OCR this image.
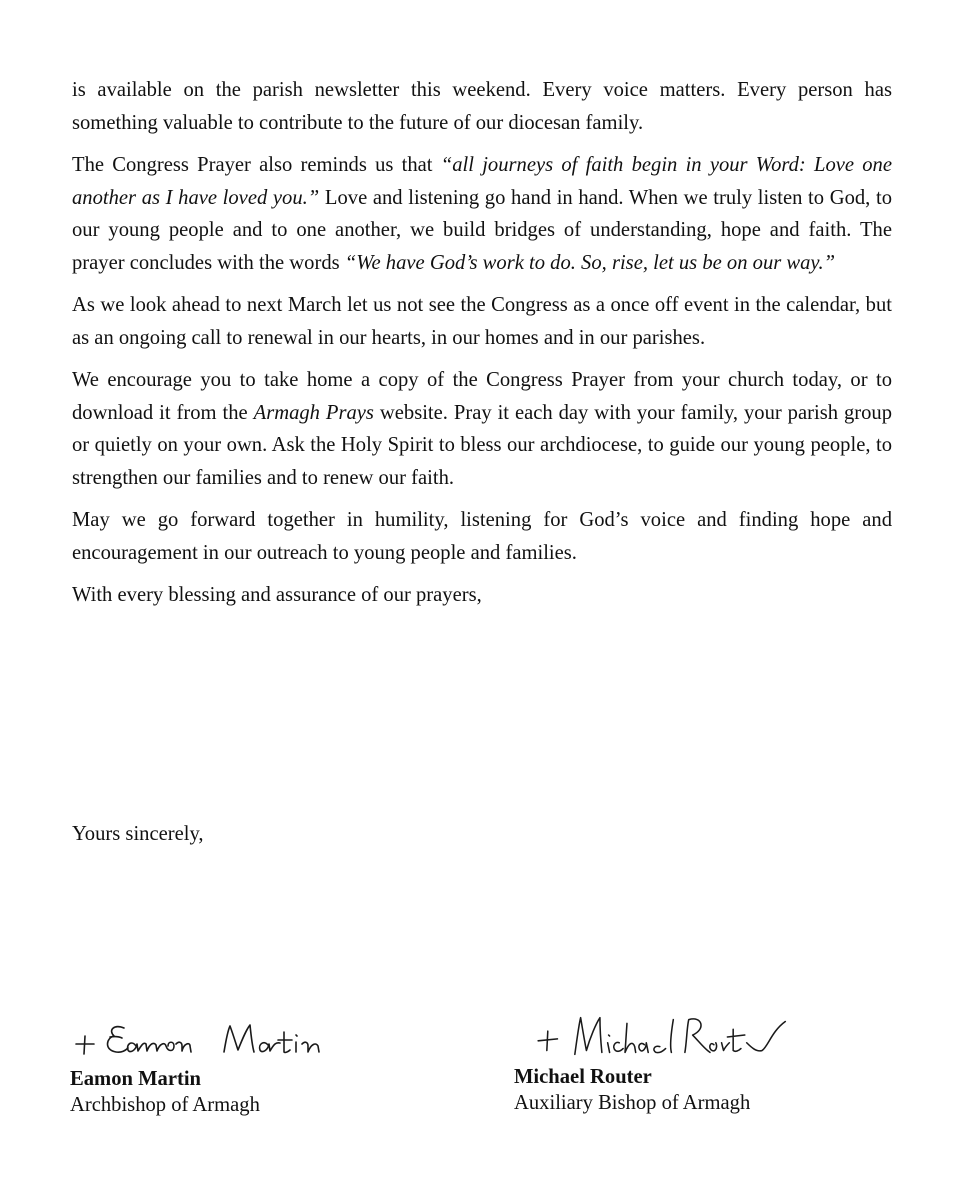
is available on the parish newsletter this weekend. Every voice matters. Every person has something valuable to contribute to the future of our diocesan family.

The Congress Prayer also reminds us that “all journeys of faith begin in your Word: Love one another as I have loved you.” Love and listening go hand in hand. When we truly listen to God, to our young people and to one another, we build bridges of understanding, hope and faith. The prayer concludes with the words “We have God’s work to do. So, rise, let us be on our way.”

As we look ahead to next March let us not see the Congress as a once off event in the calendar, but as an ongoing call to renewal in our hearts, in our homes and in our parishes.

We encourage you to take home a copy of the Congress Prayer from your church today, or to download it from the Armagh Prays website. Pray it each day with your family, your parish group or quietly on your own. Ask the Holy Spirit to bless our archdiocese, to guide our young people, to strengthen our families and to renew our faith.

May we go forward together in humility, listening for God’s voice and finding hope and encouragement in our outreach to young people and families.

With every blessing and assurance of our prayers,

Yours sincerely,

Eamon Martin

Archbishop of Armagh

Michael Router

Auxiliary Bishop of Armagh
